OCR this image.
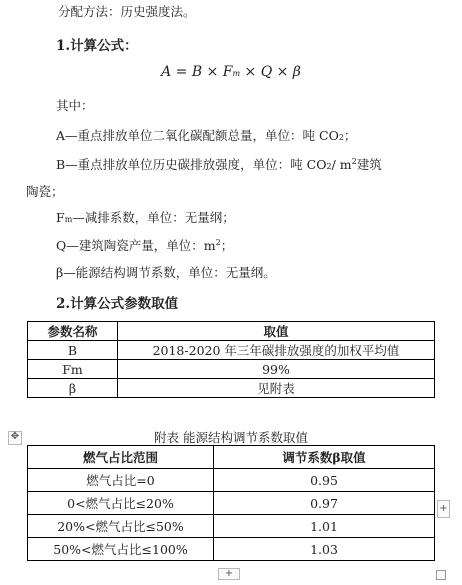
分配方法：历史强度法。
1.计算公式：
A = B × Fm × Q × β
其中：
A—重点排放单位二氧化碳配额总量，单位：吨 CO2；
B—重点排放单位历史碳排放强度，单位：吨 CO2/ $m^2$建筑
陶瓷；
Fm—减排系数，单位：无量纲；
Q—建筑陶瓷产量，单位：$m^2$；
β—能源结构调节系数，单位：无量纲。
2.计算公式参数取值
参数名称	取值
B	2018-2020 年三年碳排放强度的加权平均值
Fm	99%
β	见附表
✥	附表 能源结构调节系数取值
燃气占比范围	调节系数β取值
燃气占比=0	0.95
0<燃气占比≤20%	0.97
20%<燃气占比≤50%	1.01
50%<燃气占比≤100%	1.03
+
+
